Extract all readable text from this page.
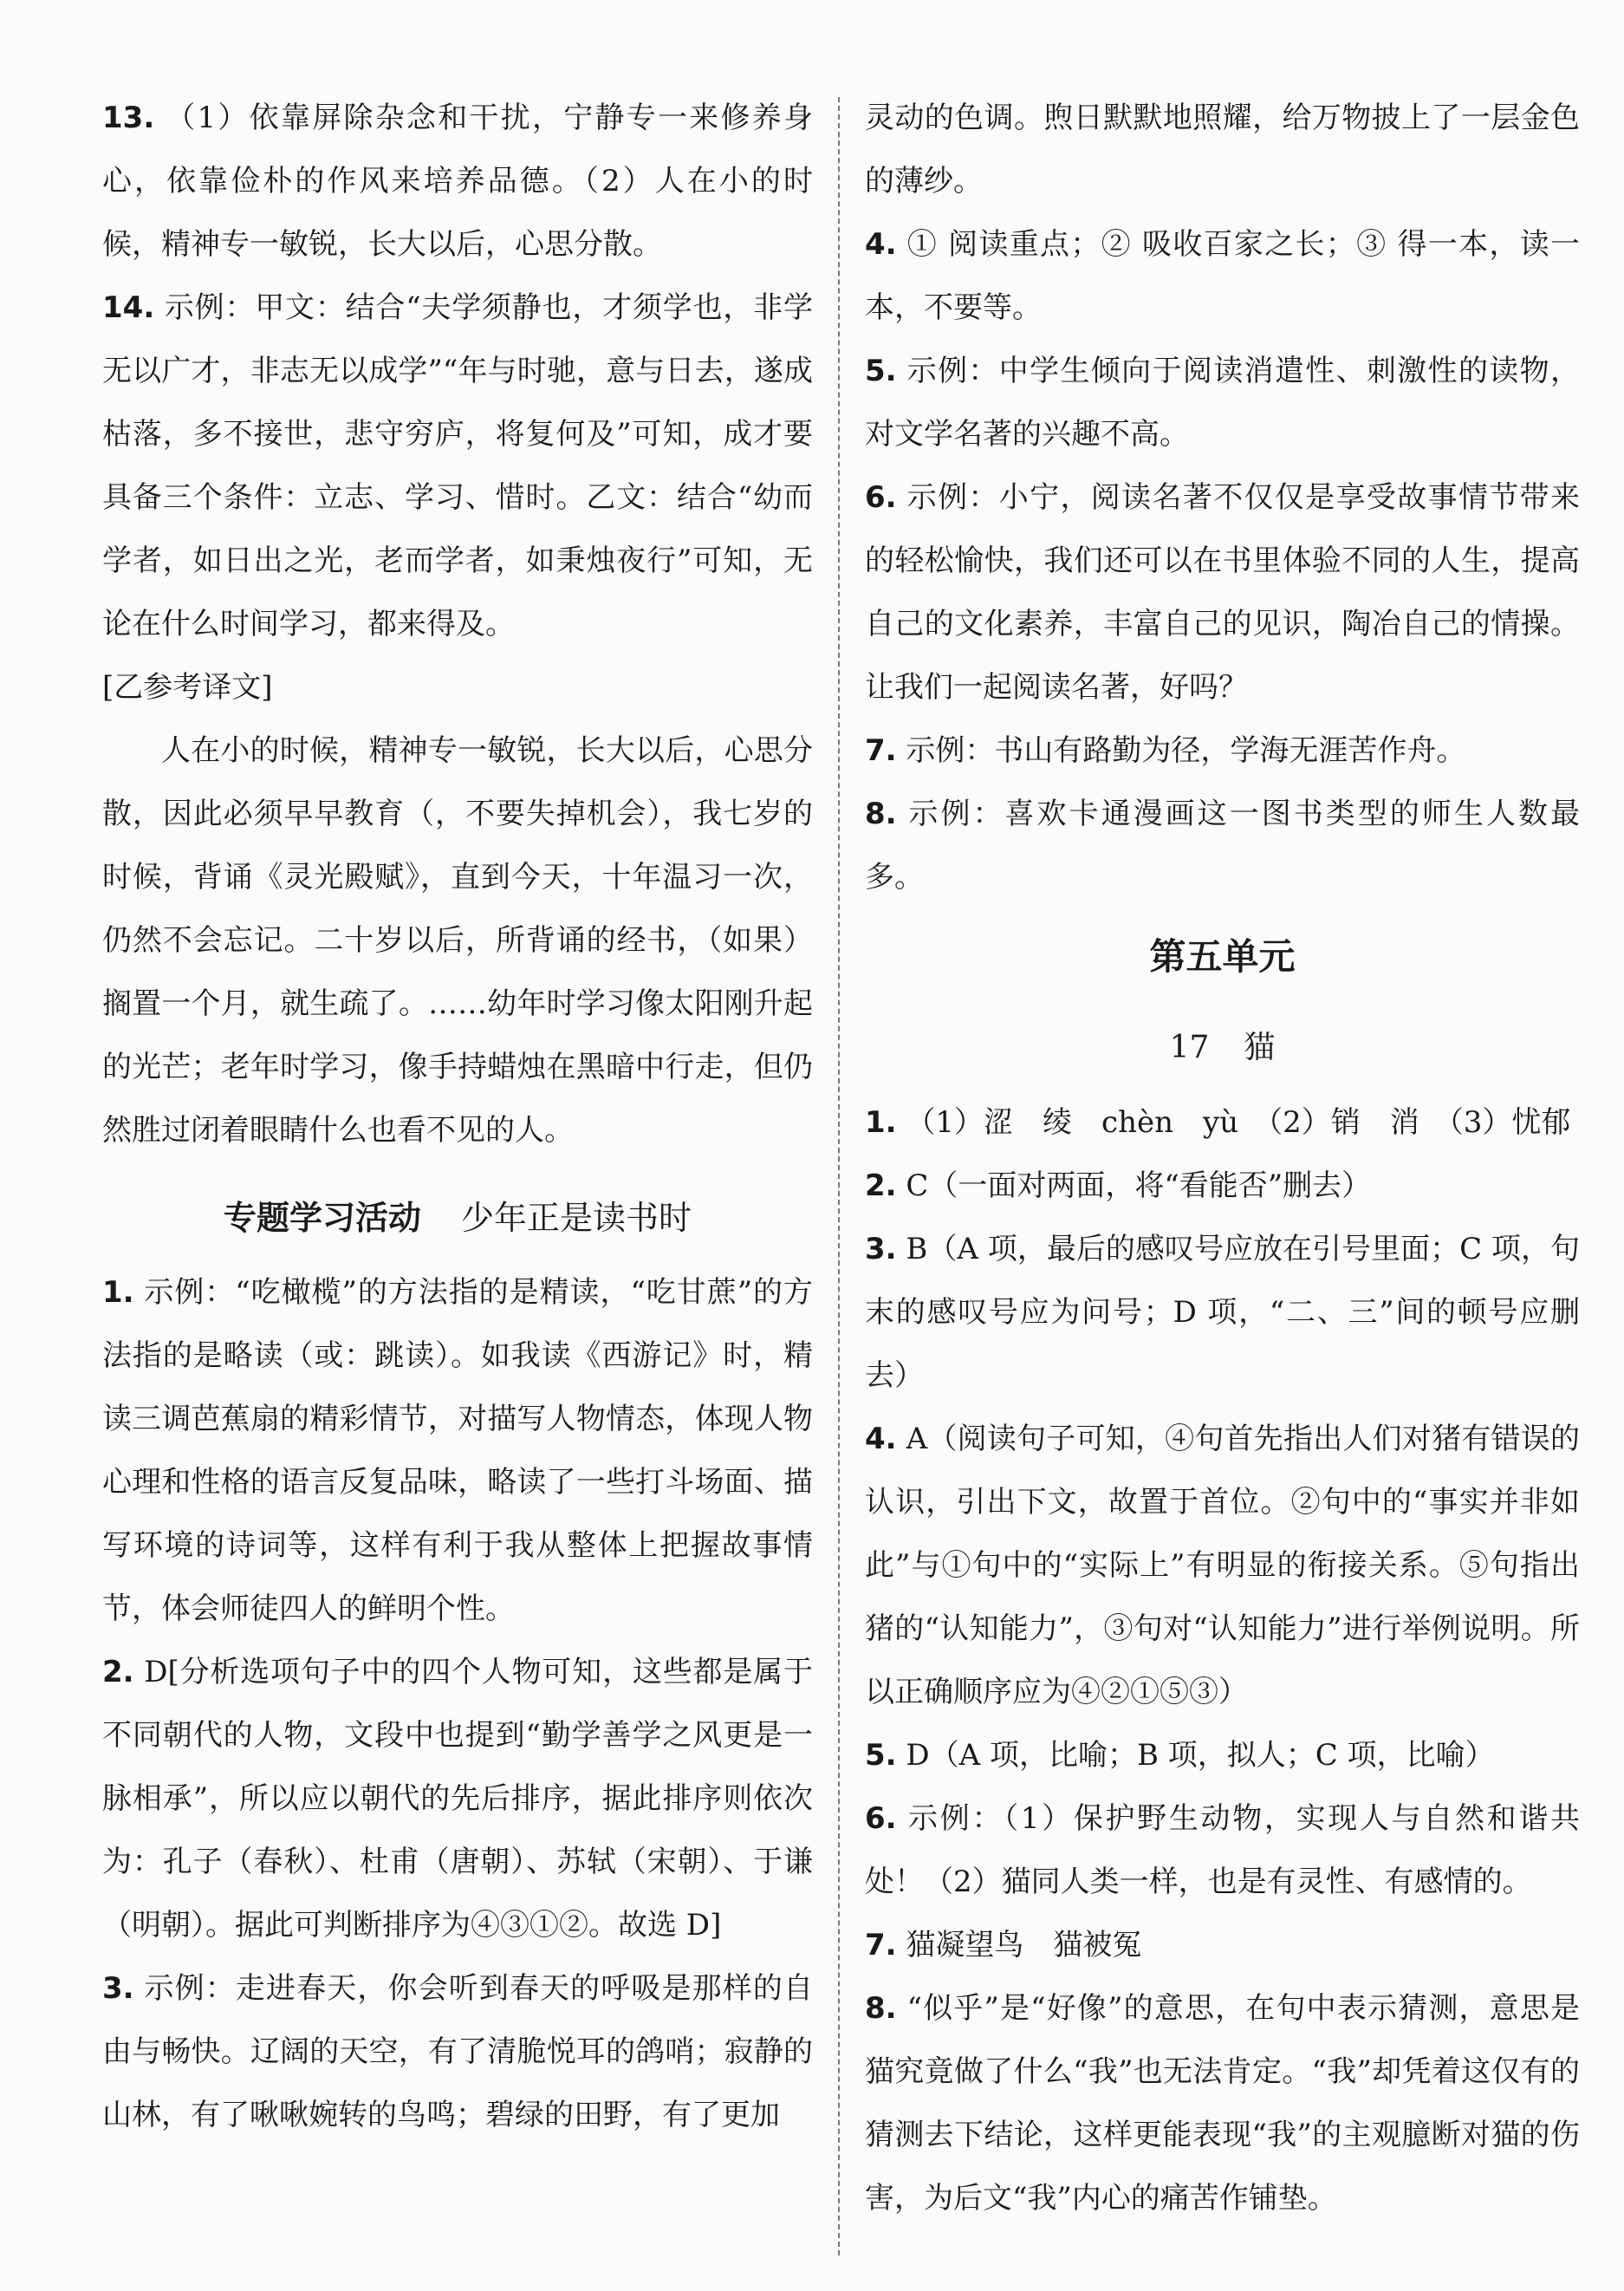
13. （1）依靠屏除杂念和干扰，宁静专一来修养身心，依靠俭朴的作风来培养品德。（2）人在小的时候，精神专一敏锐，长大以后，心思分散。

14. 示例：甲文：结合“夫学须静也，才须学也，非学无以广才，非志无以成学”“年与时驰，意与日去，遂成枯落，多不接世，悲守穷庐，将复何及”可知，成才要具备三个条件：立志、学习、惜时。乙文：结合“幼而学者，如日出之光，老而学者，如秉烛夜行”可知，无论在什么时间学习，都来得及。

[乙参考译文]

人在小的时候，精神专一敏锐，长大以后，心思分散，因此必须早早教育（，不要失掉机会），我七岁的时候，背诵《灵光殿赋》，直到今天，十年温习一次，仍然不会忘记。二十岁以后，所背诵的经书，（如果）搁置一个月，就生疏了。……幼年时学习像太阳刚升起的光芒；老年时学习，像手持蜡烛在黑暗中行走，但仍然胜过闭着眼睛什么也看不见的人。

专题学习活动 少年正是读书时

1. 示例：“吃橄榄”的方法指的是精读，“吃甘蔗”的方法指的是略读（或：跳读）。如我读《西游记》时，精读三调芭蕉扇的精彩情节，对描写人物情态，体现人物心理和性格的语言反复品味，略读了一些打斗场面、描写环境的诗词等，这样有利于我从整体上把握故事情节，体会师徒四人的鲜明个性。

2. D[分析选项句子中的四个人物可知，这些都是属于不同朝代的人物，文段中也提到“勤学善学之风更是一脉相承”，所以应以朝代的先后排序，据此排序则依次为：孔子（春秋）、杜甫（唐朝）、苏轼（宋朝）、于谦（明朝）。据此可判断排序为④③①②。故选 D]

3. 示例：走进春天，你会听到春天的呼吸是那样的自由与畅快。辽阔的天空，有了清脆悦耳的鸽哨；寂静的山林，有了啾啾婉转的鸟鸣；碧绿的田野，有了更加

灵动的色调。煦日默默地照耀，给万物披上了一层金色的薄纱。

4. ① 阅读重点；② 吸收百家之长；③ 得一本，读一本，不要等。

5. 示例：中学生倾向于阅读消遣性、刺激性的读物，对文学名著的兴趣不高。

6. 示例：小宁，阅读名著不仅仅是享受故事情节带来的轻松愉快，我们还可以在书里体验不同的人生，提高自己的文化素养，丰富自己的见识，陶冶自己的情操。让我们一起阅读名著，好吗？

7. 示例：书山有路勤为径，学海无涯苦作舟。

8. 示例：喜欢卡通漫画这一图书类型的师生人数最多。

第五单元
17 猫

1. （1）涩　绫　chèn　yù　（2）销　消　（3）忧郁

2. C（一面对两面，将“看能否”删去）

3. B（A 项，最后的感叹号应放在引号里面；C 项，句末的感叹号应为问号；D 项，“二、三”间的顿号应删去）

4. A（阅读句子可知，④句首先指出人们对猪有错误的认识，引出下文，故置于首位。②句中的“事实并非如此”与①句中的“实际上”有明显的衔接关系。⑤句指出猪的“认知能力”，③句对“认知能力”进行举例说明。所以正确顺序应为④②①⑤③）

5. D（A 项，比喻；B 项，拟人；C 项，比喻）

6. 示例：（1）保护野生动物，实现人与自然和谐共处！（2）猫同人类一样，也是有灵性、有感情的。

7. 猫凝望鸟　猫被冤

8. “似乎”是“好像”的意思，在句中表示猜测，意思是猫究竟做了什么“我”也无法肯定。“我”却凭着这仅有的猜测去下结论，这样更能表现“我”的主观臆断对猫的伤害，为后文“我”内心的痛苦作铺垫。
